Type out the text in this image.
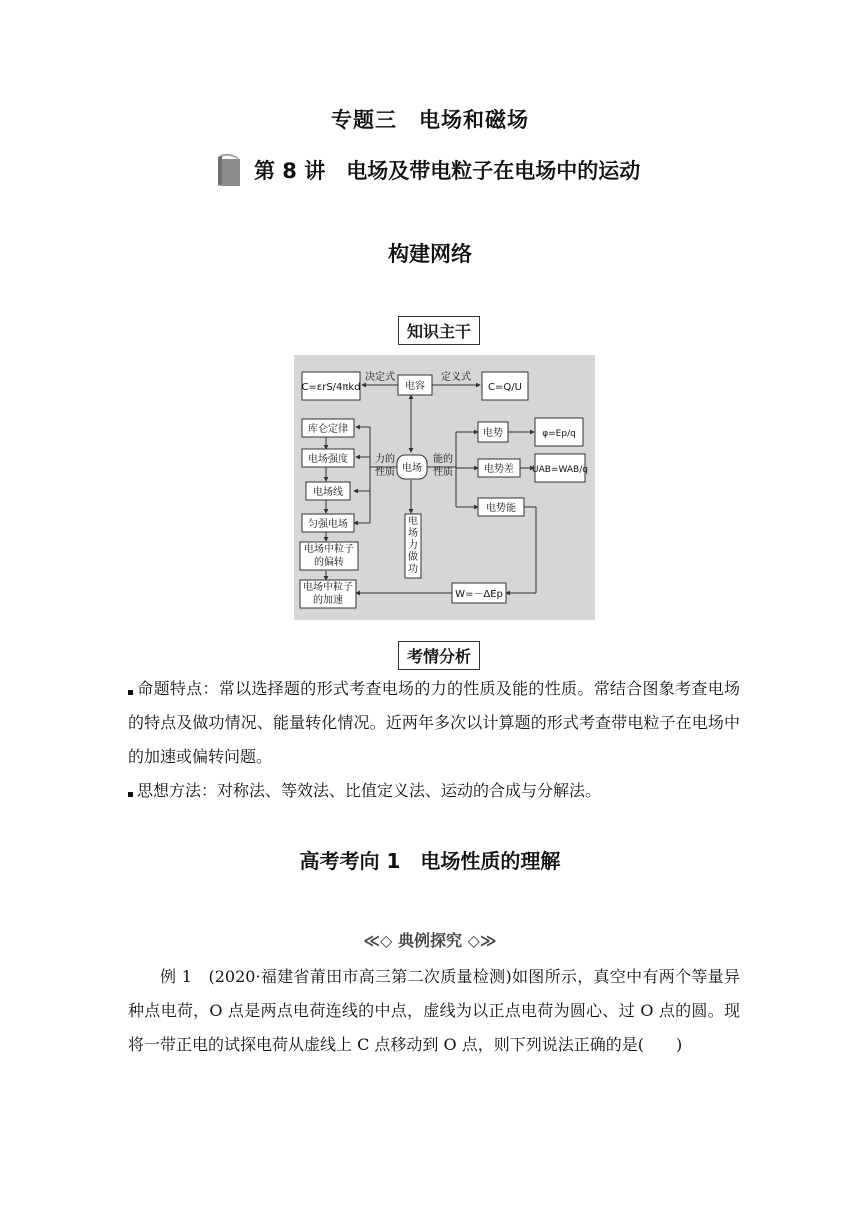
专题三　电场和磁场
第 8 讲　电场及带电粒子在电场中的运动
构建网络
知识主干
C=εrS/4πkd
决定式
电容
定义式
C=Q/U
库仑定律
电场强度
电场线
匀强电场
电场中粒子的偏转
电场中粒子的加速
力的性质 电场
能的性质
电势	φ=Ep/q
电势差 UAB=WAB/q
电势能
电场力做功
W=－ΔEp
考情分析
命题特点：常以选择题的形式考查电场的力的性质及能的性质。常结合图象考查电场的特点及做功情况、能量转化情况。近两年多次以计算题的形式考查带电粒子在电场中的加速或偏转问题。
思想方法：对称法、等效法、比值定义法、运动的合成与分解法。
高考考向 1　电场性质的理解
≪◇ 典例探究 ◇≫
例 1　(2020·福建省莆田市高三第二次质量检测)如图所示，真空中有两个等量异种点电荷，O 点是两点电荷连线的中点，虚线为以正点电荷为圆心、过 O 点的圆。现将一带正电的试探电荷从虚线上 C 点移动到 O 点，则下列说法正确的是(　　)
